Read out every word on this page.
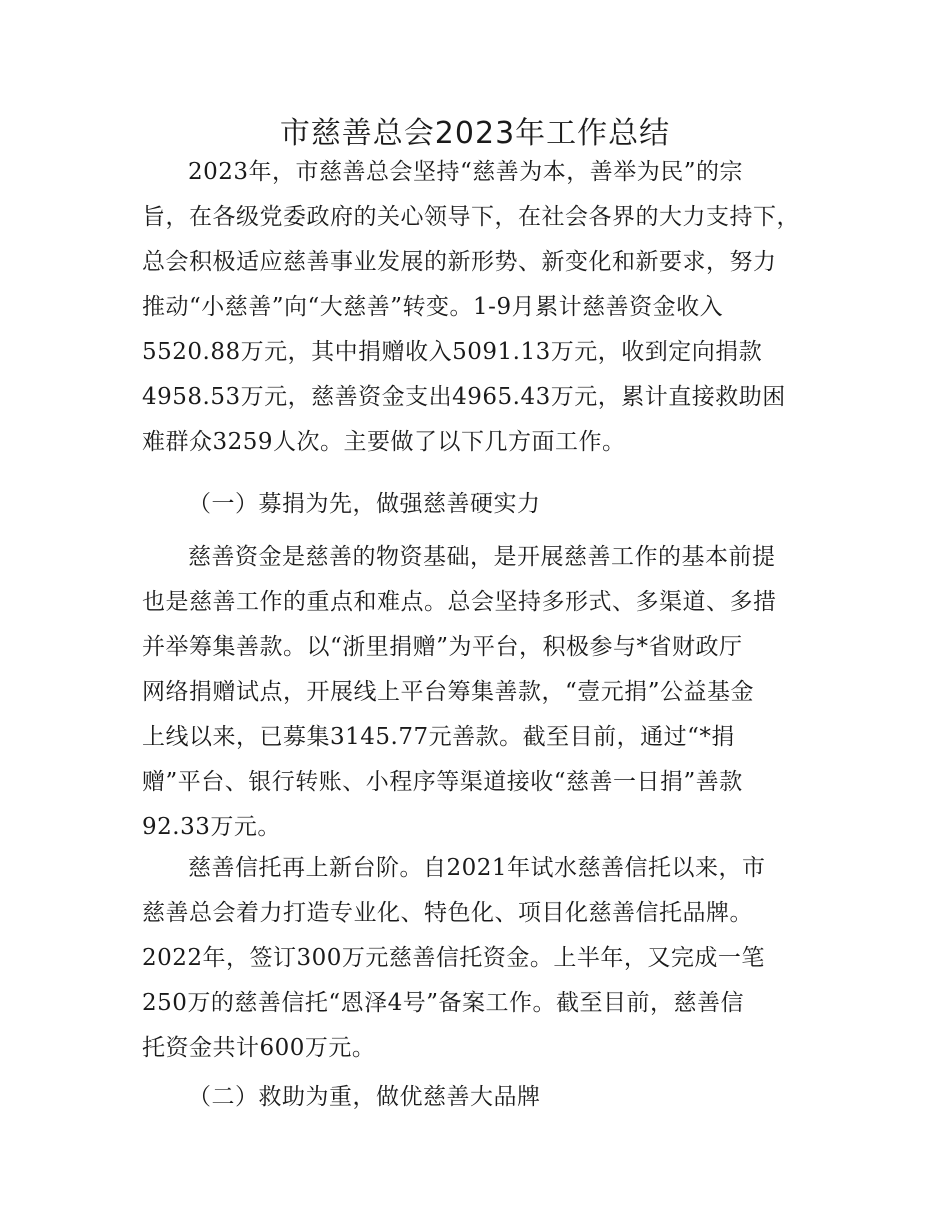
市慈善总会2023年工作总结
2023年，市慈善总会坚持“慈善为本，善举为民”的宗
旨，在各级党委政府的关心领导下，在社会各界的大力支持下，
总会积极适应慈善事业发展的新形势、新变化和新要求，努力
推动“小慈善”向“大慈善”转变。1-9月累计慈善资金收入
5520.88万元，其中捐赠收入5091.13万元，收到定向捐款
4958.53万元，慈善资金支出4965.43万元，累计直接救助困
难群众3259人次。主要做了以下几方面工作。
（一）募捐为先，做强慈善硬实力
慈善资金是慈善的物资基础，是开展慈善工作的基本前提
也是慈善工作的重点和难点。总会坚持多形式、多渠道、多措
并举筹集善款。以“浙里捐赠”为平台，积极参与*省财政厅
网络捐赠试点，开展线上平台筹集善款，“壹元捐”公益基金
上线以来，已募集3145.77元善款。截至目前，通过“*捐
赠”平台、银行转账、小程序等渠道接收“慈善一日捐”善款
92.33万元。
慈善信托再上新台阶。自2021年试水慈善信托以来，市
慈善总会着力打造专业化、特色化、项目化慈善信托品牌。
2022年，签订300万元慈善信托资金。上半年，又完成一笔
250万的慈善信托“恩泽4号”备案工作。截至目前，慈善信
托资金共计600万元。
（二）救助为重，做优慈善大品牌
